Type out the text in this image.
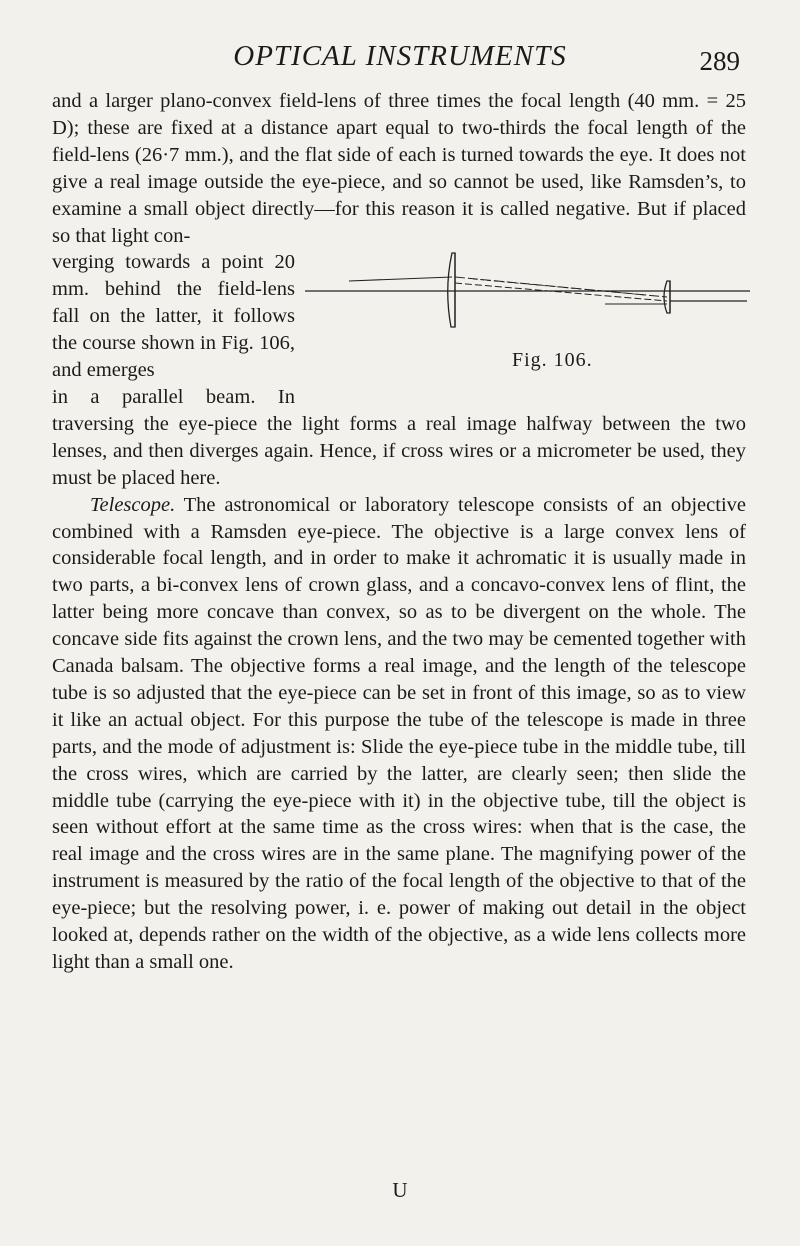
OPTICAL INSTRUMENTS	289

and a larger plano-convex field-lens of three times the focal length (40 mm. = 25 D); these are fixed at a distance apart equal to two-thirds the focal length of the field-lens (26·7 mm.), and the flat side of each is turned towards the eye. It does not give a real image outside the eye-piece, and so cannot be used, like Ramsden’s, to examine a small object directly—for this reason it is called negative. But if placed so that light con-

Fig. 106.

verging towards a point 20 mm. behind the field-lens fall on the latter, it follows the course shown in Fig. 106, and emerges

in a parallel beam. In traversing the eye-piece the light forms a real image halfway between the two lenses, and then diverges again. Hence, if cross wires or a micrometer be used, they must be placed here.

Telescope. The astronomical or laboratory telescope consists of an objective combined with a Ramsden eye-piece. The objective is a large convex lens of considerable focal length, and in order to make it achromatic it is usually made in two parts, a bi-convex lens of crown glass, and a concavo-convex lens of flint, the latter being more concave than convex, so as to be divergent on the whole. The concave side fits against the crown lens, and the two may be cemented together with Canada balsam. The objective forms a real image, and the length of the telescope tube is so adjusted that the eye-piece can be set in front of this image, so as to view it like an actual object. For this purpose the tube of the telescope is made in three parts, and the mode of adjustment is: Slide the eye-piece tube in the middle tube, till the cross wires, which are carried by the latter, are clearly seen; then slide the middle tube (carrying the eye-piece with it) in the objective tube, till the object is seen without effort at the same time as the cross wires: when that is the case, the real image and the cross wires are in the same plane. The magnifying power of the instrument is measured by the ratio of the focal length of the objective to that of the eye-piece; but the resolving power, i. e. power of making out detail in the object looked at, depends rather on the width of the objective, as a wide lens collects more light than a small one.

U
